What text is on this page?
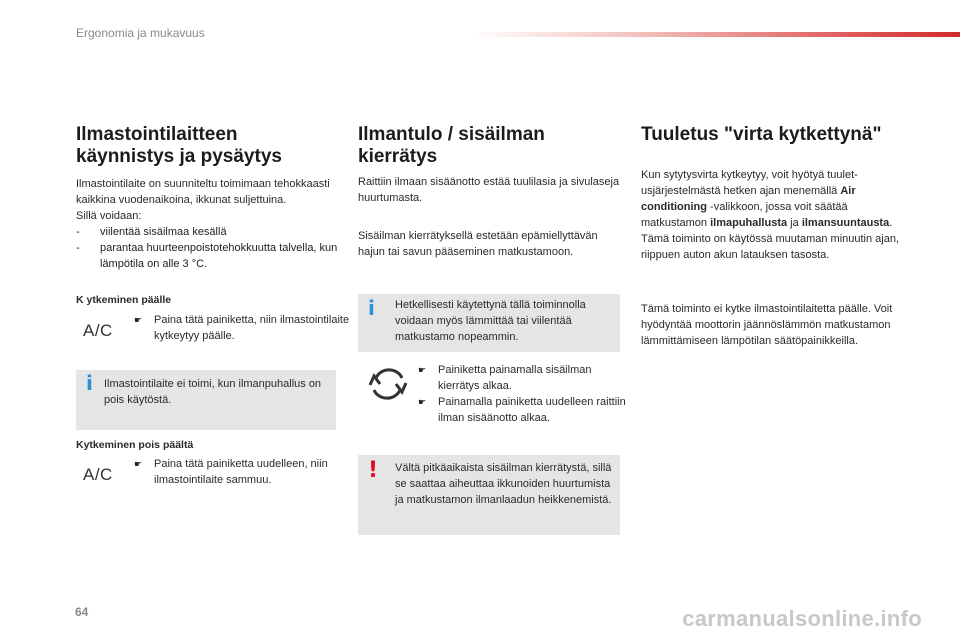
Ergonomia ja mukavuus
Ilmastointilaitteen
käynnistys ja pysäytys

Ilmastointilaite on suunniteltu toimimaan tehokkaasti kaikkina vuodenaikoina, ikkunat suljettuina.

Sillä voidaan:

- viilentää sisäilmaa kesällä
- parantaa huurteenpoistotehokkuutta talvella, kun lämpötila on alle 3 °C.
K ytkeminen päälle
A/C
☛ Paina tätä painiketta, niin ilmastointilaite kytkeytyy päälle.
i Ilmastointilaite ei toimi, kun ilmanpuhallus on pois käytöstä.
Kytkeminen pois päältä
A/C
☛ Paina tätä painiketta uudelleen, niin ilmastointilaite sammuu.
Ilmantulo / sisäilman
kierrätys

Raittiin ilmaan sisäänotto estää tuulilasia ja sivulaseja huurtumasta.

Sisäilman kierrätyksellä estetään epämiellyttävän hajun tai savun pääseminen matkustamoon.

i Hetkellisesti käytettynä tällä toiminnolla voidaan myös lämmittää tai viilentää matkustamo nopeammin.
☛ Painiketta painamalla sisäilman kierrätys alkaa.
☛ Painamalla painiketta uudelleen raittiin ilman sisäänotto alkaa.
! Vältä pitkäaikaista sisäilman kierrätystä, sillä se saattaa aiheuttaa ikkunoiden huurtumista ja matkustamon ilmanlaadun heikkenemistä.
Tuuletus "virta kytkettynä"

Kun sytytysvirta kytkeytyy, voit hyötyä tuuletusjärjestelmästä hetken ajan menemällä Air conditioning -valikkoon, jossa voit säätää matkustamon ilmapuhallusta ja ilmansuuntausta.

Tämä toiminto on käytössä muutaman minuutin ajan, riippuen auton akun latauksen tasosta.

Tämä toiminto ei kytke ilmastointilaitetta päälle. Voit hyödyntää moottorin jäännöslämmön matkustamon lämmittämiseen lämpötilan säätöpainikkeilla.

64	carmanualsonline.info
